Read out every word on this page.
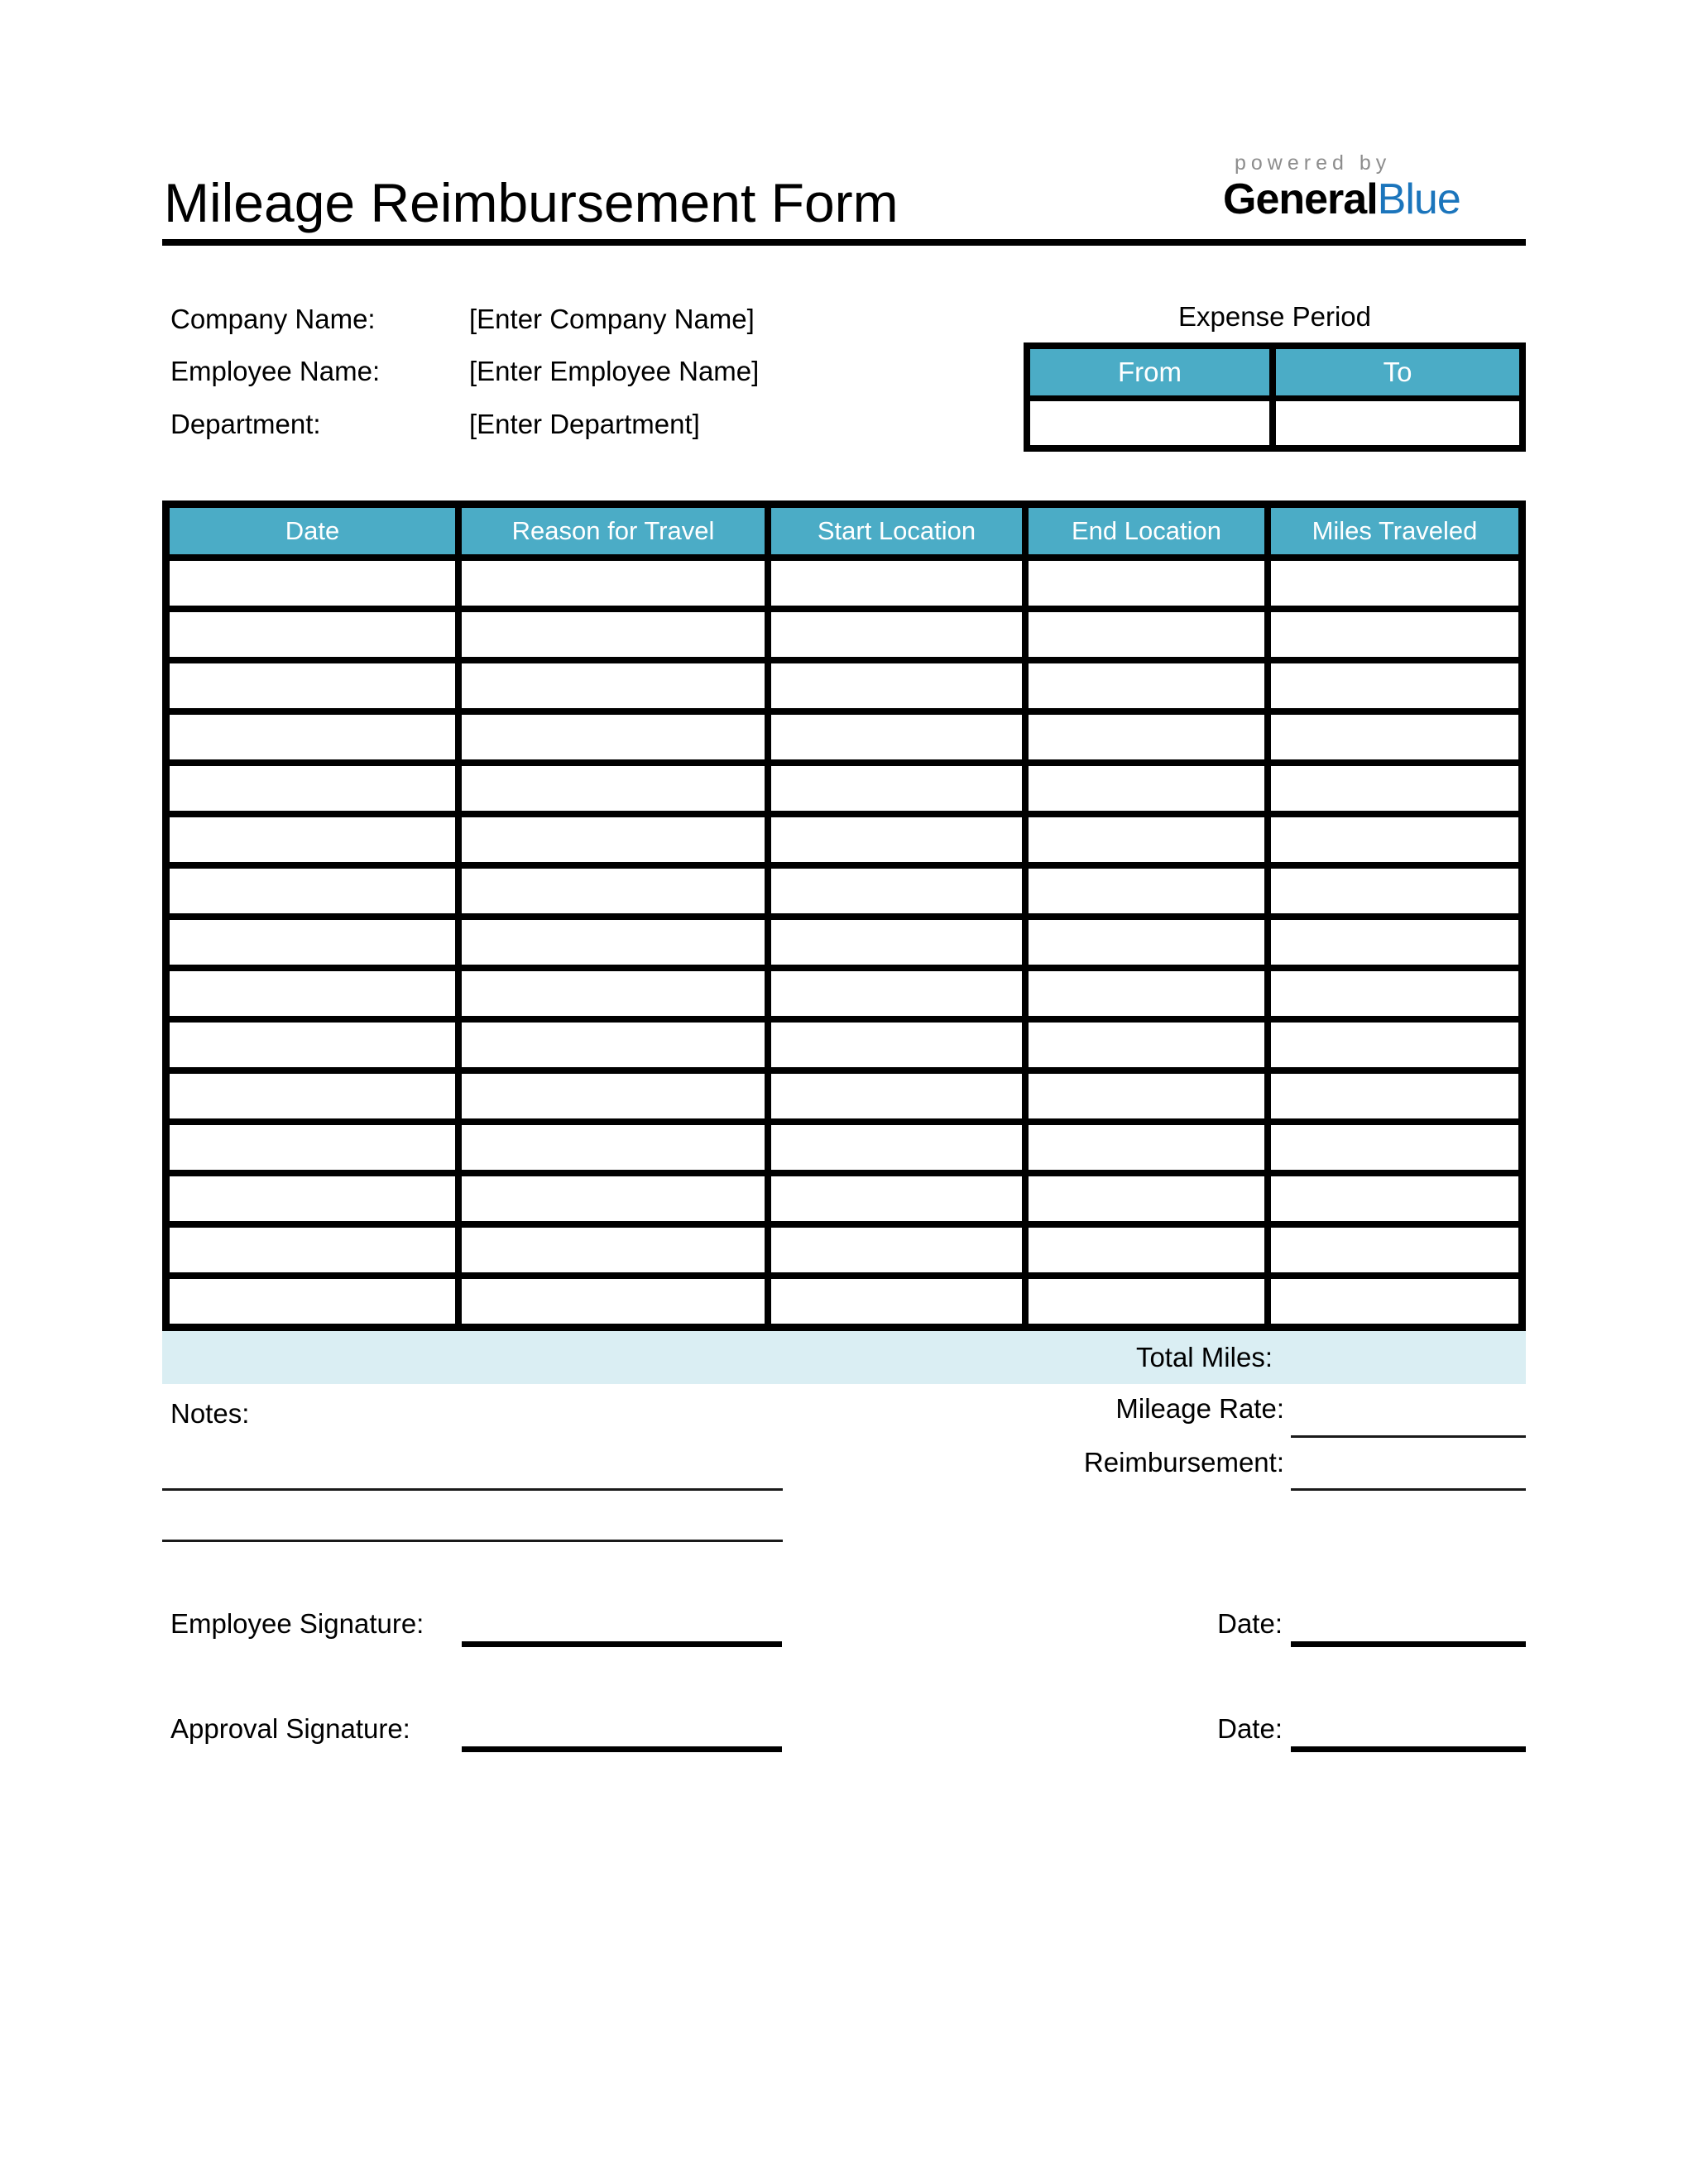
Mileage Reimbursement Form
powered by
GeneralBlue
Company Name:	[Enter Company Name]
Employee Name:	[Enter Employee Name]
Department:	[Enter Department]
Expense Period
From	To
Date	Reason for Travel	Start Location	End Location	Miles Traveled
Total Miles:
Notes:	Mileage Rate:
Reimbursement:
Employee Signature:	Date:
Approval Signature:	Date:
